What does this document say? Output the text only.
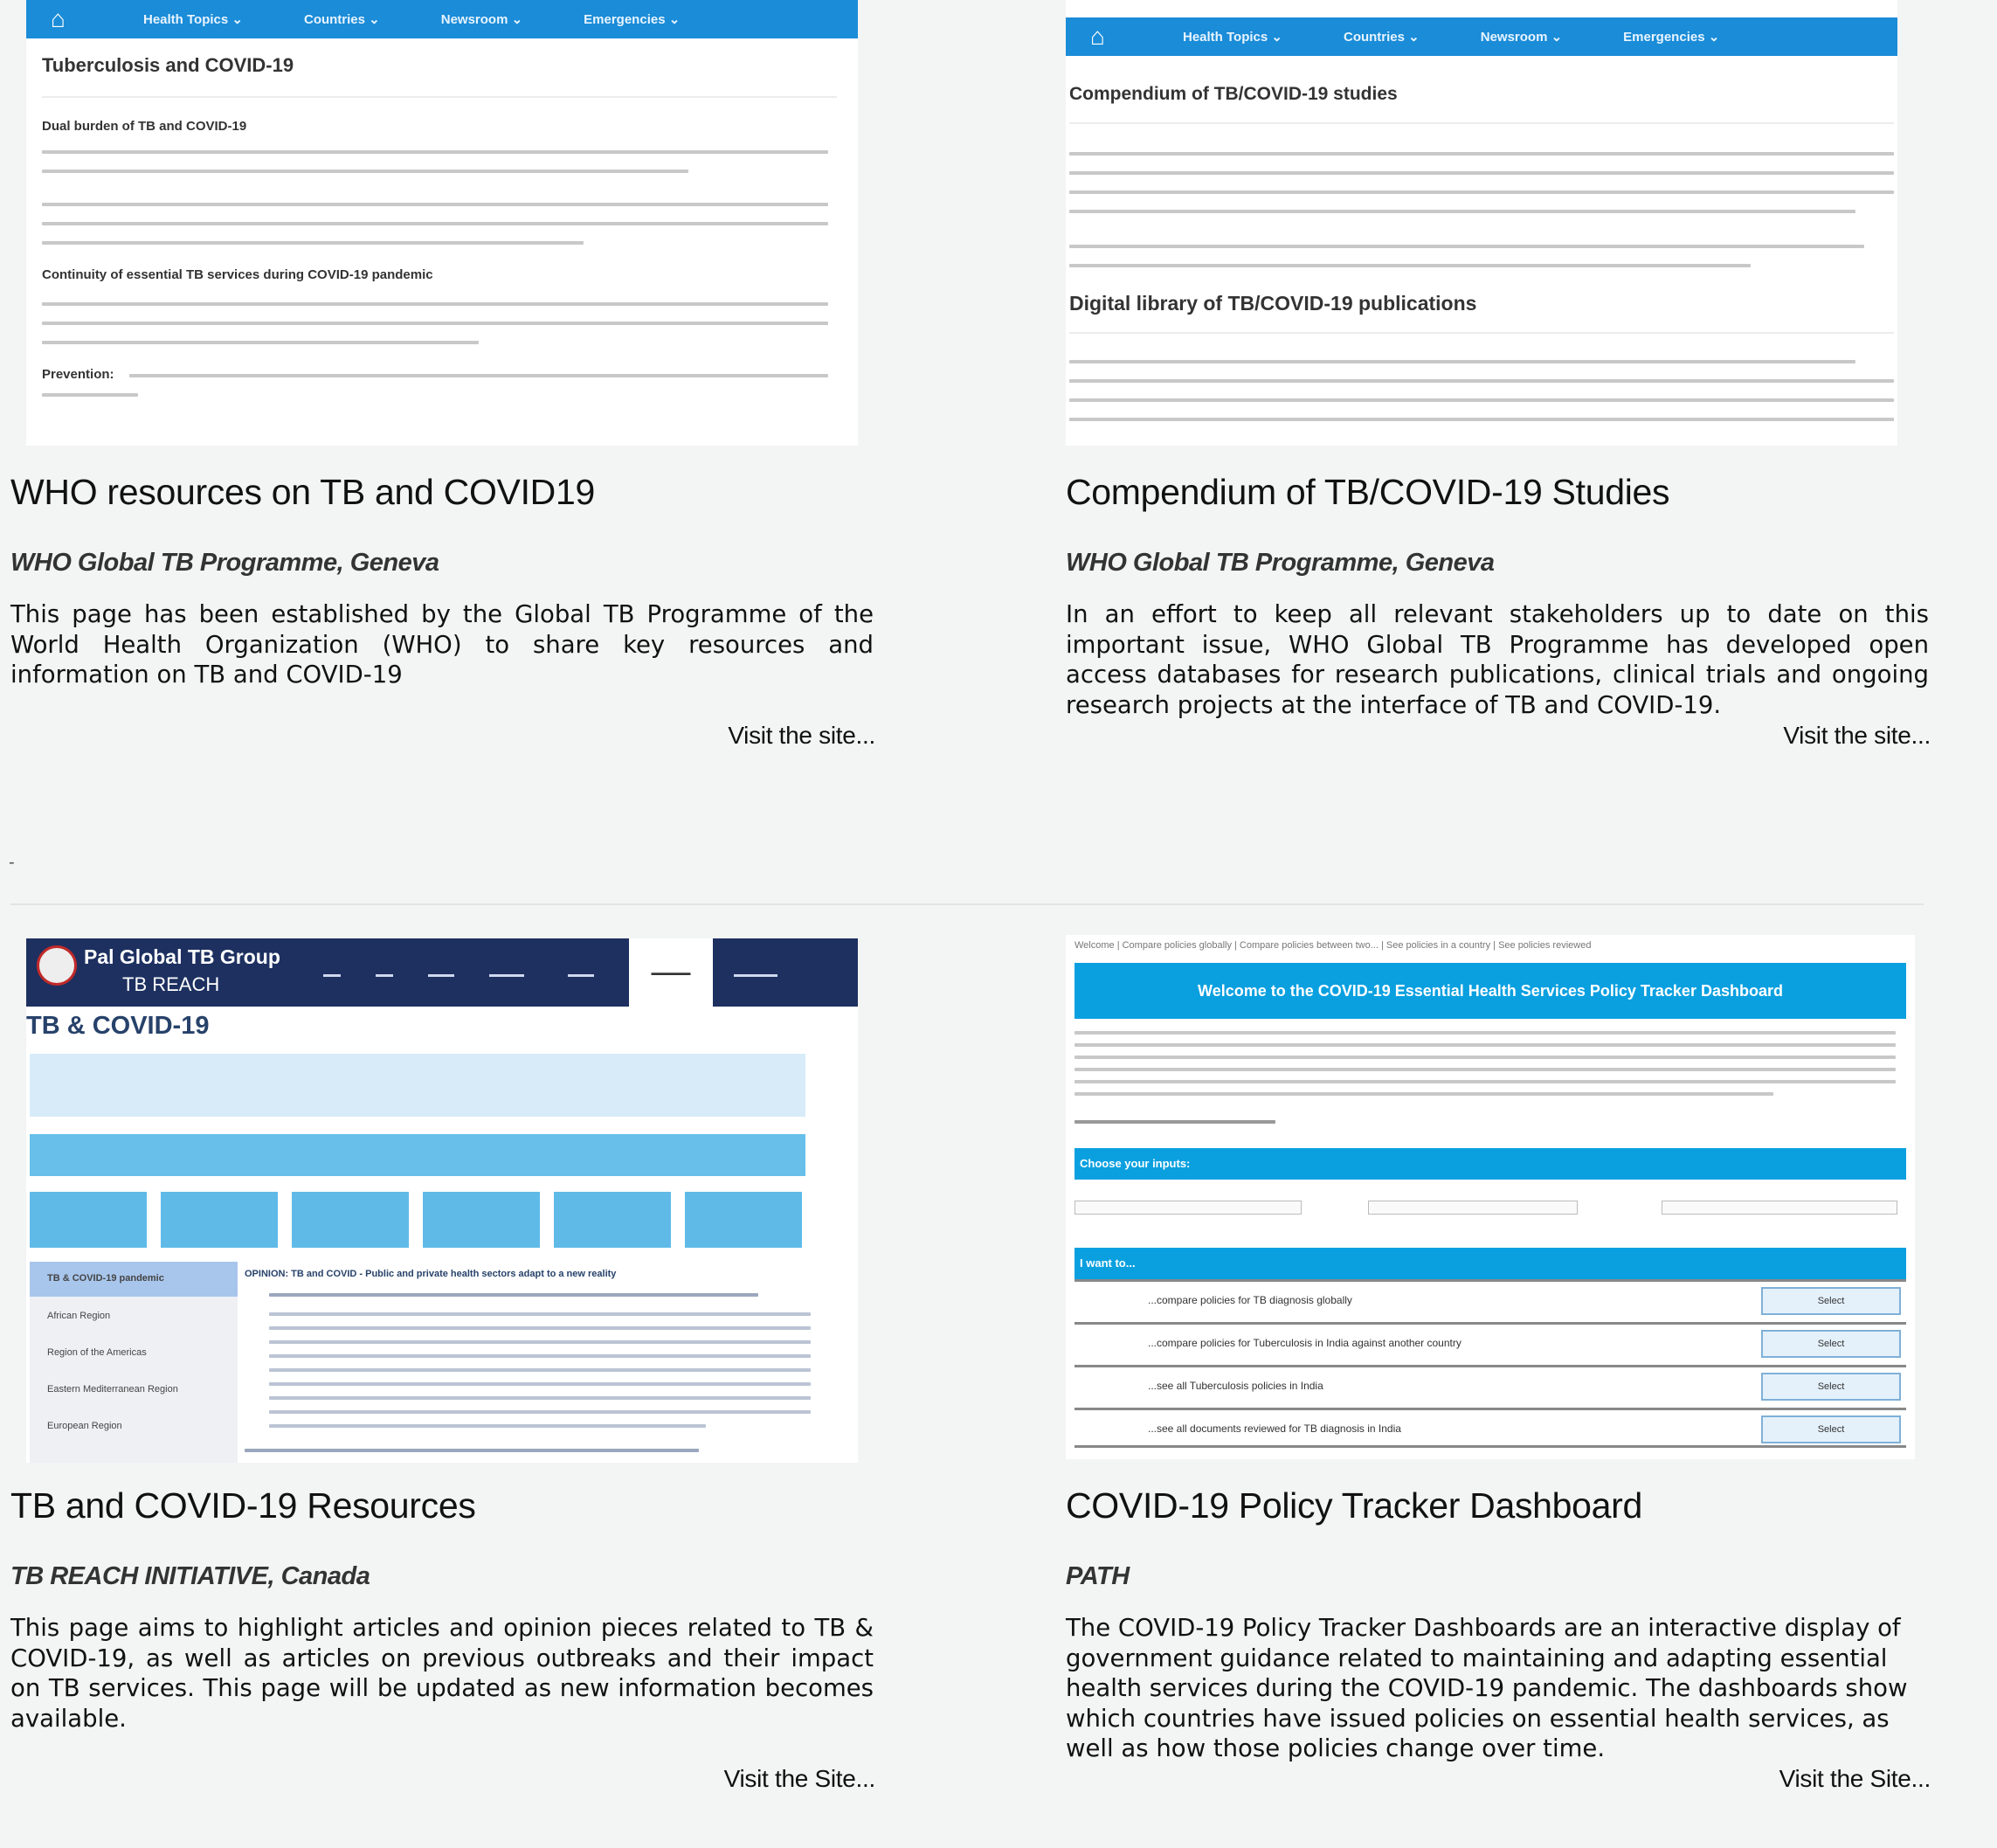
⌂	Health Topics ⌄	Countries ⌄	Newsroom ⌄	Emergencies ⌄
Tuberculosis and COVID-19
Dual burden of TB and COVID-19
Continuity of essential TB services during COVID-19 pandemic
Prevention:
WHO resources on TB and COVID19
WHO Global TB Programme, Geneva
This page has been established by the Global TB Programme of the World Health Organization (WHO) to share key resources and information on TB and COVID-19
Visit the site...
⌂	Health Topics ⌄	Countries ⌄	Newsroom ⌄	Emergencies ⌄
Compendium of TB/COVID-19 studies
Digital library of TB/COVID-19 publications
Compendium of TB/COVID-19 Studies
WHO Global TB Programme, Geneva
In an effort to keep all relevant stakeholders up to date on this important issue, WHO Global TB Programme has developed open access databases for research publications, clinical trials and ongoing research projects at the interface of TB and COVID-19.
Visit the site...
-
Pal Global TB Group
TB REACH	▬▬	▬▬	▬▬▬	▬▬▬▬	▬▬▬	▬▬▬▬▬	▬▬▬▬▬
TB & COVID-19
TB & COVID-19 pandemic
African Region
Region of the Americas
Eastern Mediterranean Region
European Region
OPINION: TB and COVID - Public and private health sectors adapt to a new reality
TB and COVID-19 Resources
TB REACH INITIATIVE, Canada
This page aims to highlight articles and opinion pieces related to TB & COVID-19, as well as articles on previous outbreaks and their impact on TB services. This page will be updated as new information becomes available.
Visit the Site...
Welcome | Compare policies globally | Compare policies between two... | See policies in a country | See policies reviewed
Welcome to the COVID-19 Essential Health Services Policy Tracker Dashboard
Choose your inputs:
I want to...
...compare policies for TB diagnosis globally	Select
...compare policies for Tuberculosis in India against another country	Select
...see all Tuberculosis policies in India	Select
...see all documents reviewed for TB diagnosis in India	Select
COVID-19 Policy Tracker Dashboard
PATH
The COVID-19 Policy Tracker Dashboards are an interactive display of government guidance related to maintaining and adapting essential health services during the COVID-19 pandemic. The dashboards show which countries have issued policies on essential health services, as well as how those policies change over time.
Visit the Site...
